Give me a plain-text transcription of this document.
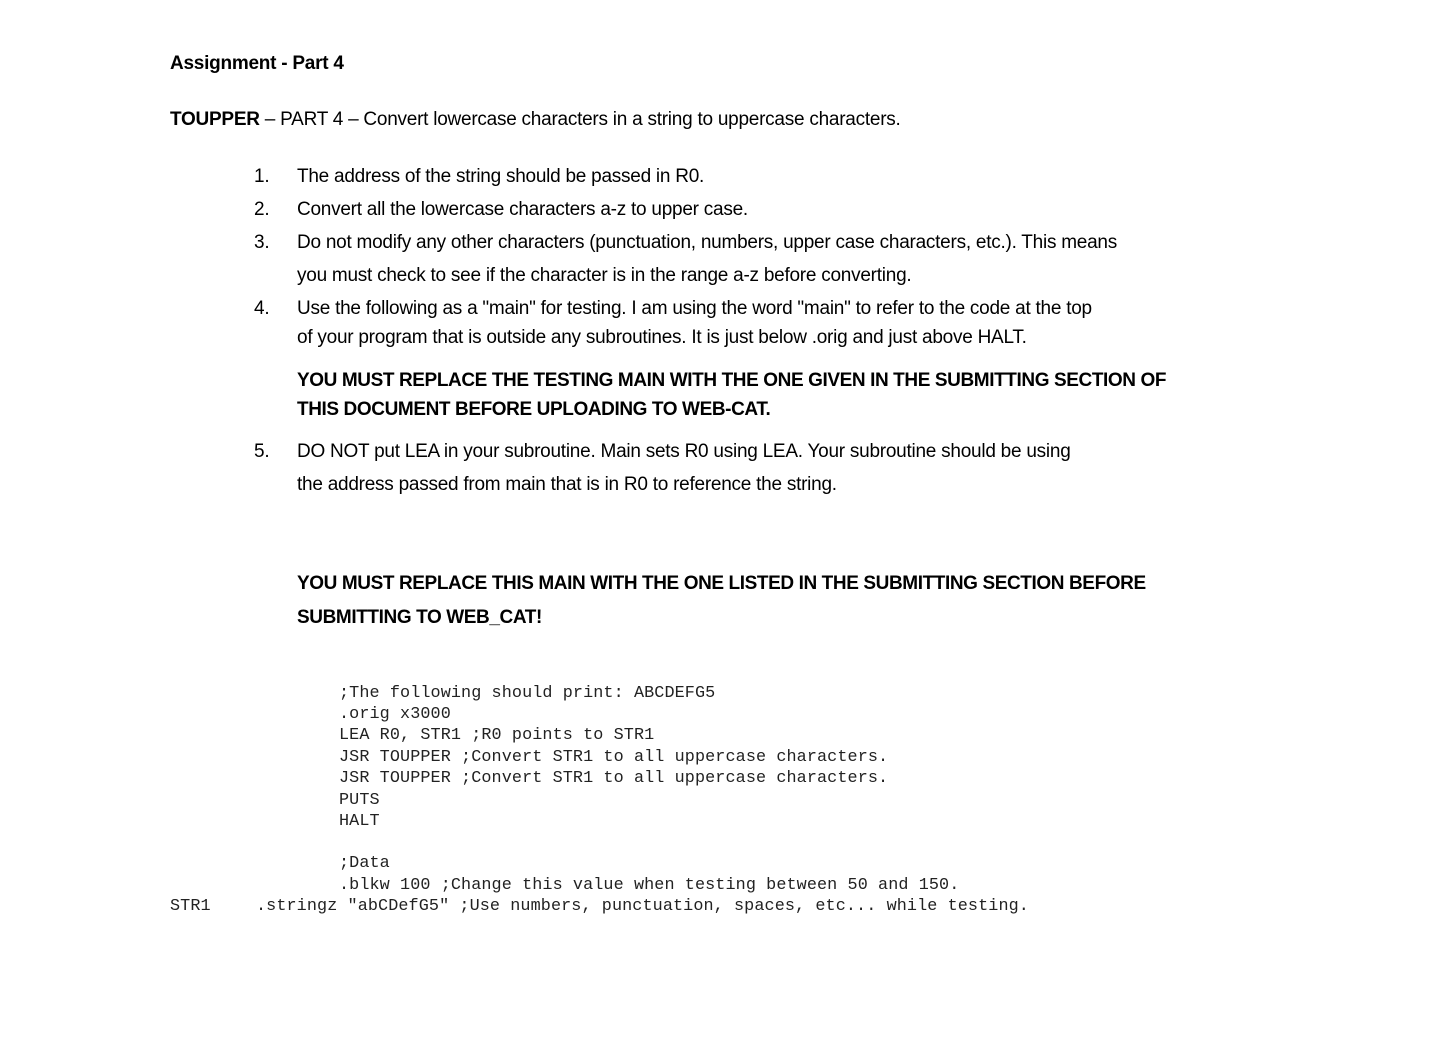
Assignment - Part 4
TOUPPER – PART 4 – Convert lowercase characters in a string to uppercase characters.
1. The address of the string should be passed in R0.
2. Convert all the lowercase characters a-z to upper case.
3. Do not modify any other characters (punctuation, numbers, upper case characters, etc.). This means
you must check to see if the character is in the range a-z before converting.
4. Use the following as a "main" for testing. I am using the word "main" to refer to the code at the top
of your program that is outside any subroutines. It is just below .orig and just above HALT.
YOU MUST REPLACE THE TESTING MAIN WITH THE ONE GIVEN IN THE SUBMITTING SECTION OF
THIS DOCUMENT BEFORE UPLOADING TO WEB-CAT.
5. DO NOT put LEA in your subroutine. Main sets R0 using LEA. Your subroutine should be using
the address passed from main that is in R0 to reference the string.
YOU MUST REPLACE THIS MAIN WITH THE ONE LISTED IN THE SUBMITTING SECTION BEFORE
SUBMITTING TO WEB_CAT!
;The following should print: ABCDEFG5
.orig x3000
LEA R0, STR1 ;R0 points to STR1
JSR TOUPPER ;Convert STR1 to all uppercase characters.
JSR TOUPPER ;Convert STR1 to all uppercase characters.
PUTS
HALT
;Data
.blkw 100 ;Change this value when testing between 50 and 150.
STR1	.stringz "abCDefG5" ;Use numbers, punctuation, spaces, etc... while testing.
